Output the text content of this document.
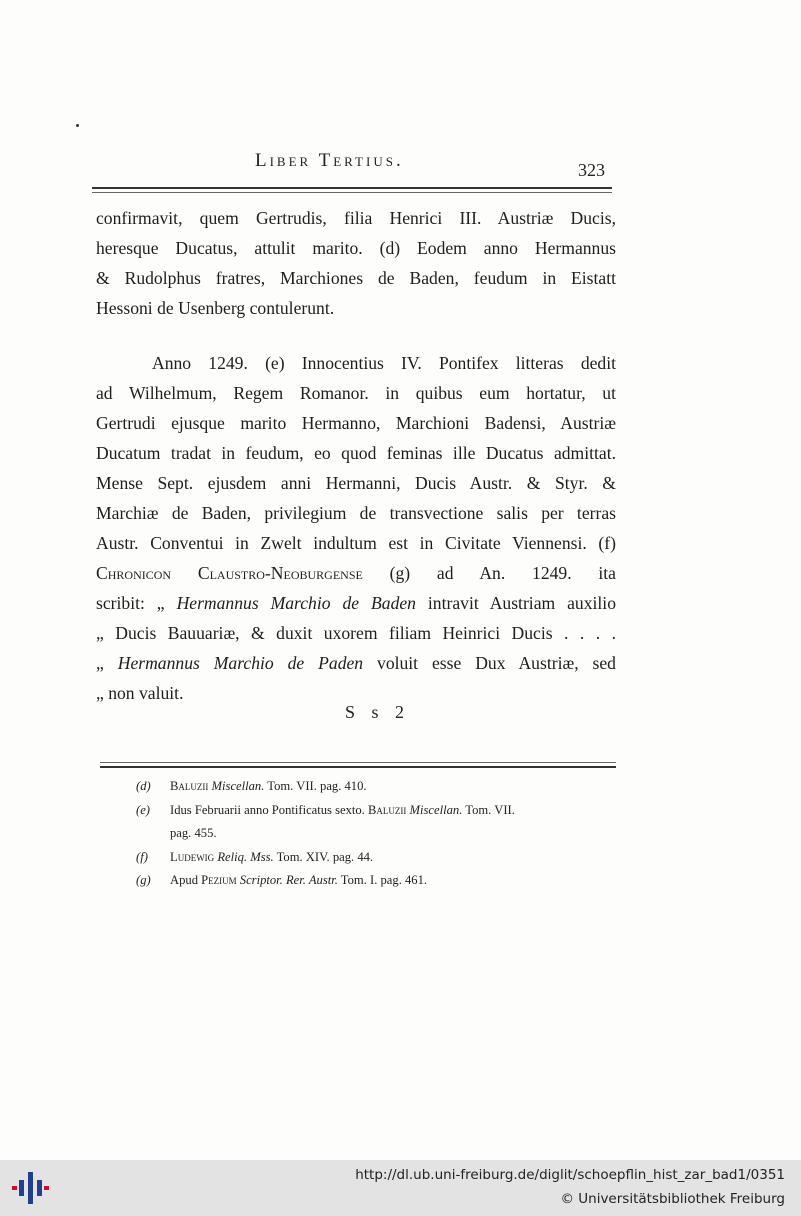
Liber Tertius.	323
confirmavit, quem Gertrudis, filia Henrici III. Austriæ Ducis,
heresque Ducatus, attulit marito. (d) Eodem anno Hermannus
& Rudolphus fratres, Marchiones de Baden, feudum in Eistatt
Hessoni de Usenberg contulerunt.
Anno 1249. (e) Innocentius IV. Pontifex litteras dedit
ad Wilhelmum, Regem Romanor. in quibus eum hortatur, ut
Gertrudi ejusque marito Hermanno, Marchioni Badensi, Austriæ
Ducatum tradat in feudum, eo quod feminas ille Ducatus admittat.
Mense Sept. ejusdem anni Hermanni, Ducis Austr. & Styr. &
Marchiæ de Baden, privilegium de transvectione salis per terras
Austr. Conventui in Zwelt indultum est in Civitate Viennensi. (f)
Chronicon Claustro-Neoburgense (g) ad An. 1249. ita
scribit: „ Hermannus Marchio de Baden intravit Austriam auxilio
„ Ducis Bauuariæ, & duxit uxorem filiam Heinrici Ducis . . . .
„ Hermannus Marchio de Paden voluit esse Dux Austriæ, sed
„ non valuit.
S s 2
(d) Baluzii Miscellan. Tom. VII. pag. 410.
(e) Idus Februarii anno Pontificatus sexto. Baluzii Miscellan. Tom. VII.
pag. 455.
(f) Ludewig Reliq. Mss. Tom. XIV. pag. 44.
(g) Apud Pezium Scriptor. Rer. Austr. Tom. I. pag. 461.
http://dl.ub.uni-freiburg.de/diglit/schoepflin_hist_zar_bad1/0351
© Universitätsbibliothek Freiburg
